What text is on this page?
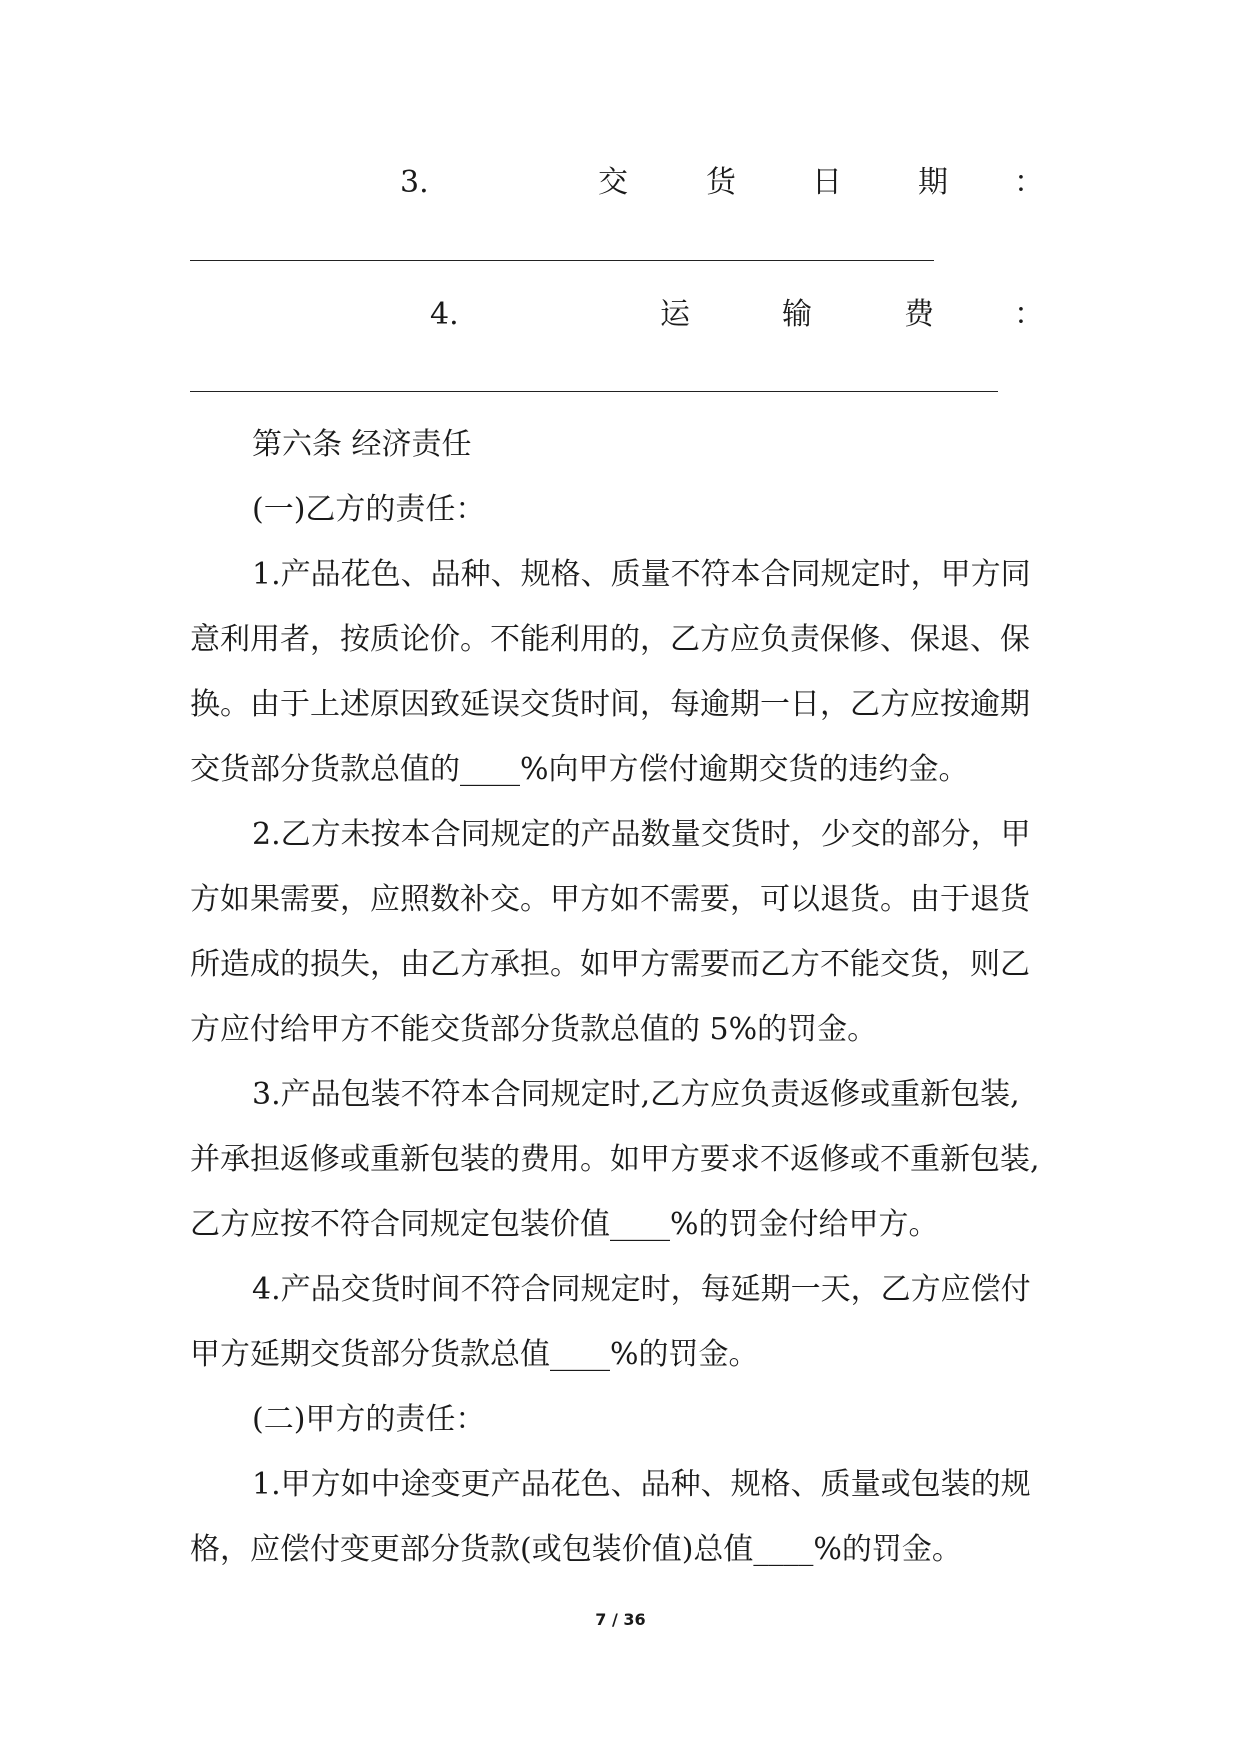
3.	交	货	日	期 ：
4.	运	输	费	：
第六条 经济责任
(一)乙方的责任：
1.产品花色、品种、规格、质量不符本合同规定时，甲方同
意利用者，按质论价。不能利用的，乙方应负责保修、保退、保
换。由于上述原因致延误交货时间，每逾期一日，乙方应按逾期
交货部分货款总值的____%向甲方偿付逾期交货的违约金。
2.乙方未按本合同规定的产品数量交货时，少交的部分，甲
方如果需要，应照数补交。甲方如不需要，可以退货。由于退货
所造成的损失，由乙方承担。如甲方需要而乙方不能交货，则乙
方应付给甲方不能交货部分货款总值的 5%的罚金。
3.产品包装不符本合同规定时,乙方应负责返修或重新包装,
并承担返修或重新包装的费用。如甲方要求不返修或不重新包装,
乙方应按不符合同规定包装价值____%的罚金付给甲方。
4.产品交货时间不符合同规定时，每延期一天，乙方应偿付
甲方延期交货部分货款总值____%的罚金。
(二)甲方的责任：
1.甲方如中途变更产品花色、品种、规格、质量或包装的规
格，应偿付变更部分货款(或包装价值)总值____%的罚金。
7 / 36
